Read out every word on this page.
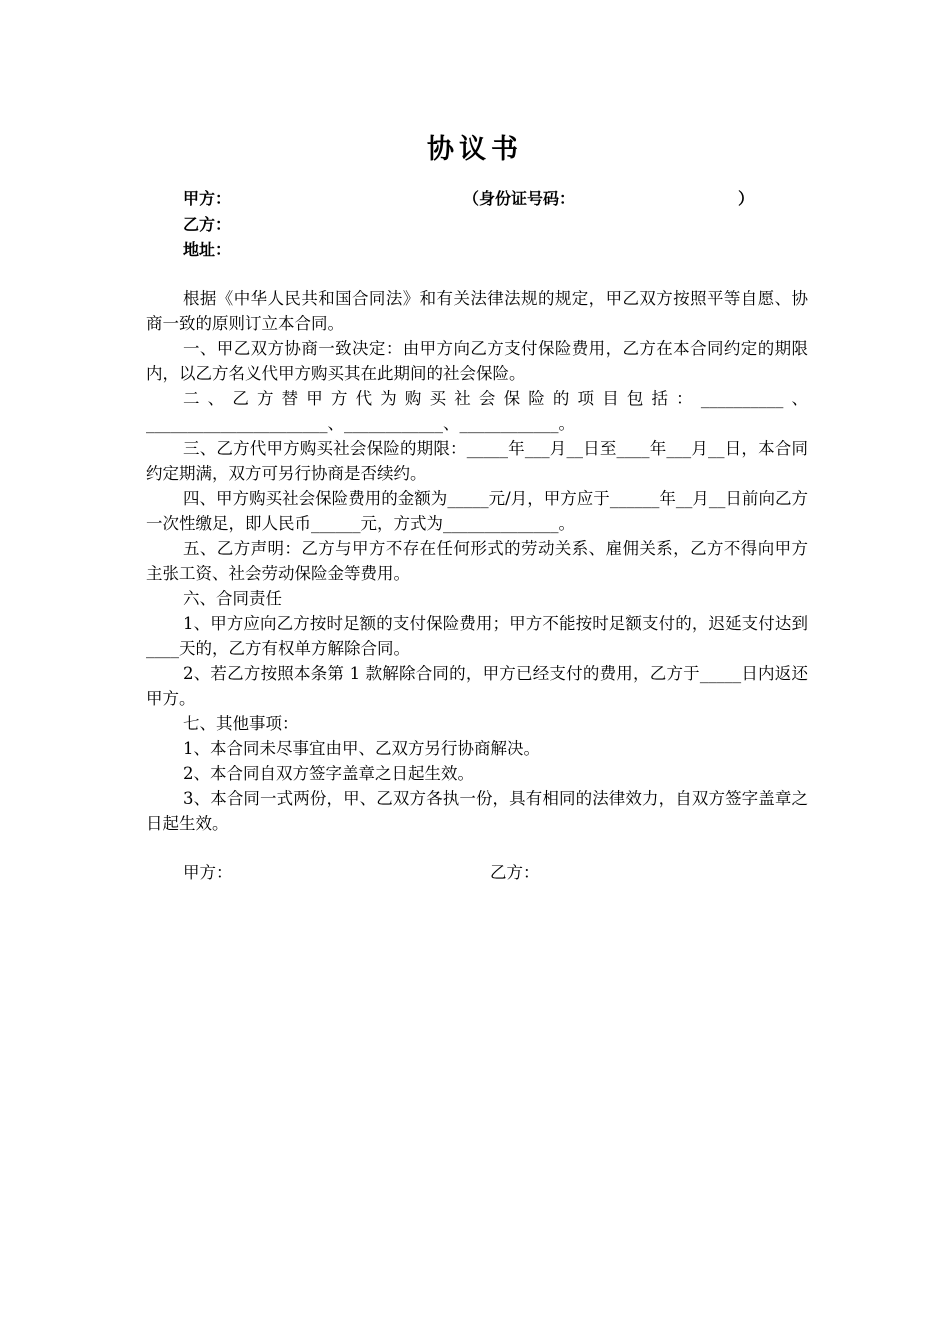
协议书
甲方：	（身份证号码：	）
乙方：
地址：

根据《中华人民共和国合同法》和有关法律法规的规定，甲乙双方按照平等自愿、协商一致的原则订立本合同。

一、甲乙双方协商一致决定：由甲方向乙方支付保险费用，乙方在本合同约定的期限内，以乙方名义代甲方购买其在此期间的社会保险。

二、乙方替甲方代为购买社会保险的项目包括：__________、______________________、____________、____________。

三、乙方代甲方购买社会保险的期限：_____年___月__日至____年___月__日，本合同约定期满，双方可另行协商是否续约。

四、甲方购买社会保险费用的金额为_____元/月，甲方应于______年__月__日前向乙方一次性缴足，即人民币______元，方式为______________。

五、乙方声明：乙方与甲方不存在任何形式的劳动关系、雇佣关系，乙方不得向甲方主张工资、社会劳动保险金等费用。

六、合同责任

1、甲方应向乙方按时足额的支付保险费用；甲方不能按时足额支付的，迟延支付达到____天的，乙方有权单方解除合同。

2、若乙方按照本条第 1 款解除合同的，甲方已经支付的费用，乙方于_____日内返还甲方。

七、其他事项：

1、本合同未尽事宜由甲、乙双方另行协商解决。

2、本合同自双方签字盖章之日起生效。

3、本合同一式两份，甲、乙双方各执一份，具有相同的法律效力，自双方签字盖章之日起生效。

甲方：	乙方：
